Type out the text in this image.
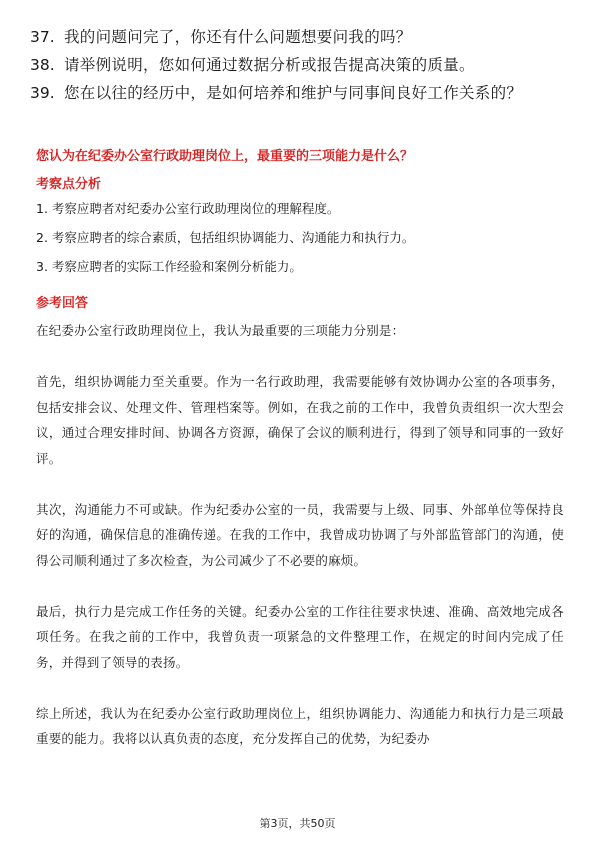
37. 我的问题问完了，你还有什么问题想要问我的吗？
38. 请举例说明，您如何通过数据分析或报告提高决策的质量。
39. 您在以往的经历中，是如何培养和维护与同事间良好工作关系的？
您认为在纪委办公室行政助理岗位上，最重要的三项能力是什么？
考察点分析
1. 考察应聘者对纪委办公室行政助理岗位的理解程度。
2. 考察应聘者的综合素质，包括组织协调能力、沟通能力和执行力。
3. 考察应聘者的实际工作经验和案例分析能力。
参考回答

在纪委办公室行政助理岗位上，我认为最重要的三项能力分别是：

首先，组织协调能力至关重要。作为一名行政助理，我需要能够有效协调办公室的各项事务，包括安排会议、处理文件、管理档案等。例如，在我之前的工作中，我曾负责组织一次大型会议，通过合理安排时间、协调各方资源，确保了会议的顺利进行，得到了领导和同事的一致好评。

其次，沟通能力不可或缺。作为纪委办公室的一员，我需要与上级、同事、外部单位等保持良好的沟通，确保信息的准确传递。在我的工作中，我曾成功协调了与外部监管部门的沟通，使得公司顺利通过了多次检查，为公司减少了不必要的麻烦。

最后，执行力是完成工作任务的关键。纪委办公室的工作往往要求快速、准确、高效地完成各项任务。在我之前的工作中，我曾负责一项紧急的文件整理工作，在规定的时间内完成了任务，并得到了领导的表扬。

综上所述，我认为在纪委办公室行政助理岗位上，组织协调能力、沟通能力和执行力是三项最重要的能力。我将以认真负责的态度，充分发挥自己的优势，为纪委办

第3页，共50页
